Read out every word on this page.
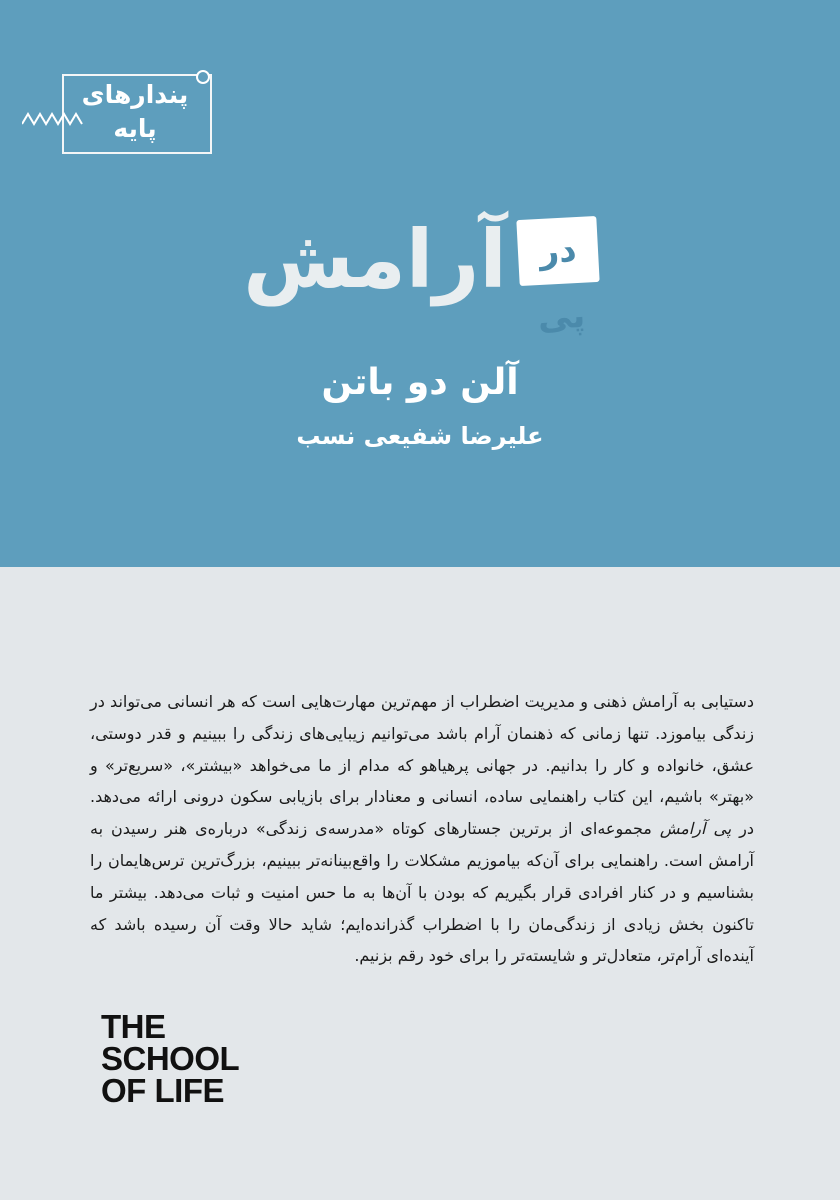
پندارهای
پایه
آرامش در پی
آلن دو باتن
علیرضا شفیعی نسب
دستیابی به آرامش ذهنی و مدیریت اضطراب از مهم‌ترین مهارت‌هایی است که هر انسانی می‌تواند در زندگی بیاموزد. تنها زمانی که ذهنمان آرام باشد می‌توانیم زیبایی‌های زندگی را ببینیم و قدر دوستی، عشق، خانواده و کار را بدانیم. در جهانی پرهیاهو که مدام از ما می‌خواهد «بیشتر»، «سریع‌تر» و «بهتر» باشیم، این کتاب راهنمایی ساده، انسانی و معنادار برای بازیابی سکون درونی ارائه می‌دهد. در پی آرامش مجموعه‌ای از برترین جستارهای کوتاه «مدرسه‌ی زندگی» درباره‌ی هنر رسیدن به آرامش است. راهنمایی برای آن‌که بیاموزیم مشکلات را واقع‌بینانه‌تر ببینیم، بزرگ‌ترین ترس‌هایمان را بشناسیم و در کنار افرادی قرار بگیریم که بودن با آن‌ها به ما حس امنیت و ثبات می‌دهد. بیشتر ما تاکنون بخش زیادی از زندگی‌مان را با اضطراب گذرانده‌ایم؛ شاید حالا وقت آن رسیده باشد که آینده‌ای آرام‌تر، متعادل‌تر و شایسته‌تر را برای خود رقم بزنیم.
THE
SCHOOL
OF LIFE
